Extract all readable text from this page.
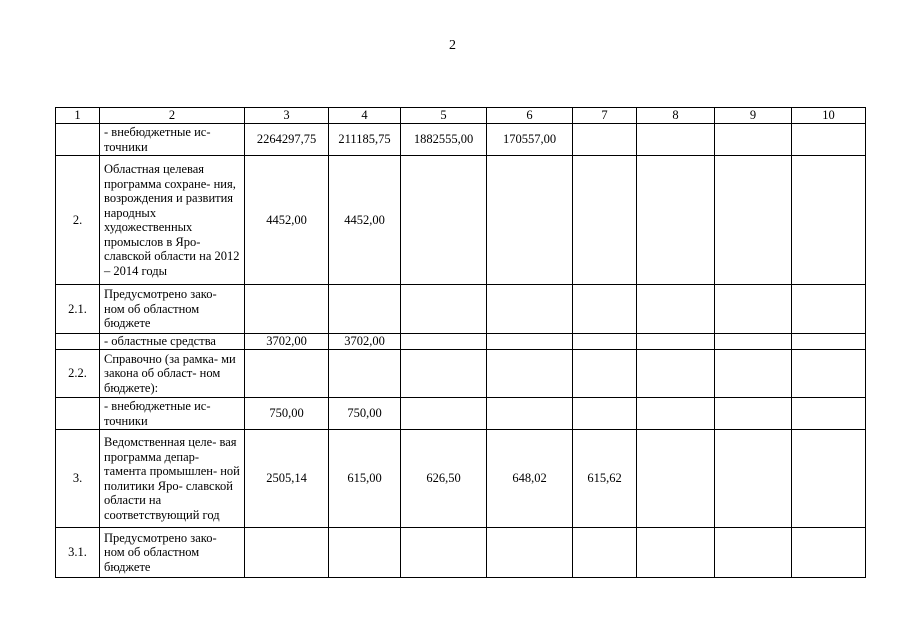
2
1	2	3	4	5	6	7	8	9	10
	- внебюджетные ис- точники	2264297,75	211185,75	1882555,00	170557,00				
2.	Областная целевая программа сохране- ния, возрождения и развития народных художественных промыслов в Яро- славской области на 2012 – 2014 годы	4452,00	4452,00						
2.1.	Предусмотрено зако- ном об областном бюджете								
	- областные средства	3702,00	3702,00						
2.2.	Справочно (за рамка- ми закона об област- ном бюджете):								
	- внебюджетные ис- точники	750,00	750,00						
3.	Ведомственная целе- вая программа депар- тамента промышлен- ной политики Яро- славской области на соответствующий год	2505,14	615,00	626,50	648,02	615,62			
3.1.	Предусмотрено зако- ном об областном бюджете								
